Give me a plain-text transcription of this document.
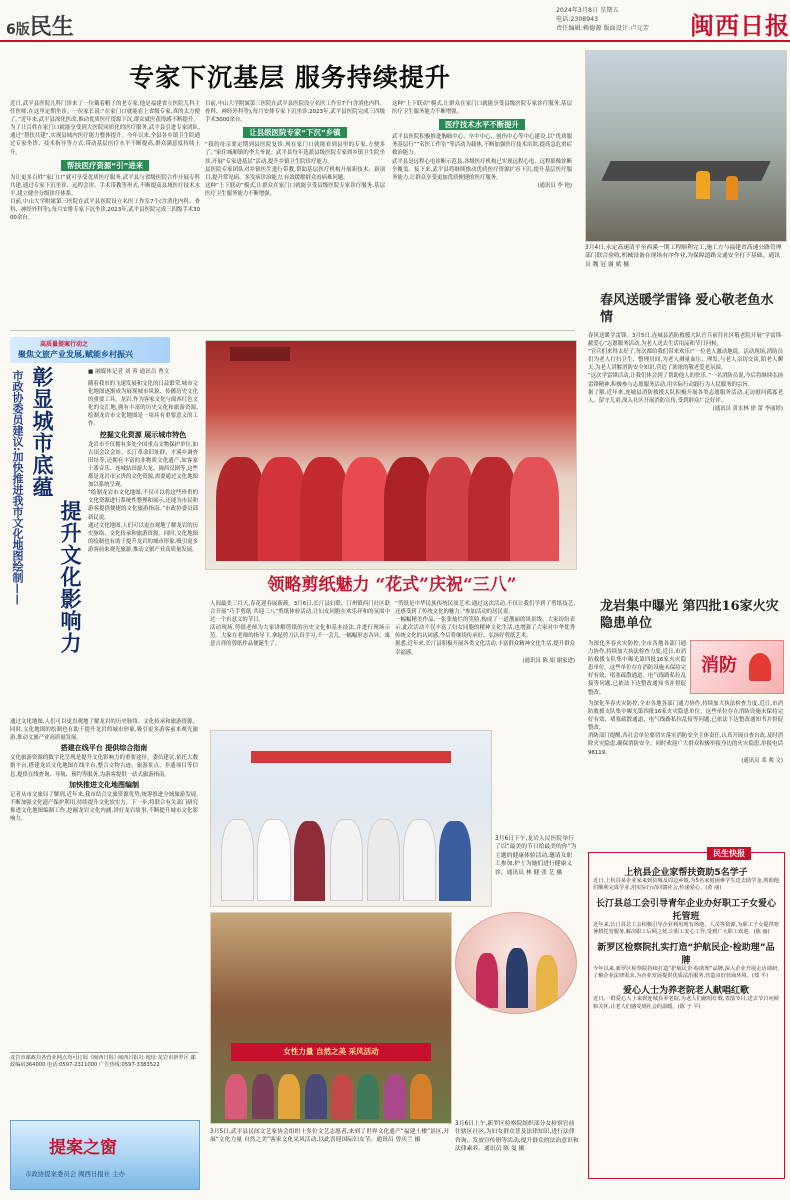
6版民生
2024年3月8日 星期五
电话:2308943
责任编辑:赖德源 版面设计:卢元芳 闽西日报
专家下沉基层 服务持续提升
近日,武平县医院儿科门诊来了一位戴着帽子的老专家,他是福建省立医院儿科主任医师,在这里定期坐诊。一位家长说:“在家门口就能看上省级专家,真的太方便了。”近年来,武平县深化医改,推动优质医疗资源下沉,群众就医获得感不断提升。
为了让百姓在家门口就能享受到大医院同质化的医疗服务,武平县引进专家团队,通过“帮扶共建”,实现县域内医疗能力整体提升。今年以来,全县各乡镇卫生院通过专家坐诊、技术指导等方式,带动基层医疗水平不断提高,群众满意度持续上升。
帮扶医疗资源“引”进来
为让更多百姓“家门口”就可享受优质医疗服务,武平县与省级医院合作开展专科共建,通过专家下沉坐诊、远程会诊、手术带教等形式,不断提高县域医疗技术水平,建立健全分级诊疗体系。
目前,中山大学附属第三医院在武平县医院设立名医工作室7个(含消化内科、骨科、神经外科等),每月安排专家下沉坐诊,2023年,武平县医院完成三四级手术3000余台。
目前,中山大学附属第三医院在武平县医院设立名医工作室7个(含消化内科、骨科、神经外科等),每月安排专家下沉坐诊,2023年,武平县医院完成三四级手术3000余台。
让县级医院专家“下沉”乡镇
“我的母亲要定期到县医院复诊,现在家门口就能看到县里的专家,方便多了。”家住城厢镇的李大爷说。武平县每年选派县级医院专家到乡镇卫生院坐诊,开展“专家进基层”活动,提升乡镇卫生院诊疗能力。
县医院专家团队对乡镇医生进行带教,帮助基层医疗机构开展新技术、新项目,提升常见病、多发病诊治能力,有效缓解群众看病难问题。
这种“上下联动”模式,让群众在家门口就能享受县级医院专家诊疗服务,基层医疗卫生服务能力不断增强。
这种“上下联动”模式,让群众在家门口就能享受县级医院专家诊疗服务,基层医疗卫生服务能力不断增强。
医疗技术水平不断提升
武平县医院积极推进胸痛中心、卒中中心、创伤中心等中心建设,以“优质服务基层行”“名医工作室”等活动为载体,不断加强医疗技术培训,提高急危重症救治能力。
武平县是远程心电诊断示范县,各级医疗机构已实现远程心电、远程影像诊断全覆盖。接下来,武平县将继续推动优质医疗资源扩容下沉,提升基层医疗服务能力,让群众享受更加优质便捷的医疗服务。
(通讯员 李 艳)
3月4日,永定高速清平至西溪一期工程顺利完工,施工方与福建省高速公路管理部门联合验收,机械设备在现场有序作业,为保障道路交通安全打下基础。通讯员 魏 冠 谢 斌 摄
春风送暖学雷锋 爱心敬老鱼水情
春风送暖学雷锋。3月5日,连城县消防救援大队官兵前往社区敬老院开展“学雷锋·献爱心”志愿服务活动,为老人送去生活用品和节日问候。
“官兵们来得太好了,每次都给我们带来欢乐!”一位老人激动地说。活动现场,消防员们为老人打扫卫生、整理房间,为老人测量血压、理发,与老人亲切交谈,陪老人聊天,为老人讲解消防安全知识,营造了浓浓的敬老爱老氛围。
“这次学雷锋活动,让我们体会到了帮助他人的快乐。”一名消防员说,今后将继续弘扬雷锋精神,积极参与志愿服务活动,用实际行动践行为人民服务的宗旨。
据了解,近年来,连城县消防救援大队积极开展各类志愿服务活动,走访慰问孤寡老人、留守儿童,深入社区开展消防宣传,受到群众广泛好评。
(通讯员 黄水林 徐 蕾 李丽婷)
龙岩集中曝光 第四批16家火灾隐患单位
消防
为深化冬春火灾防控,全市各地各部门通力协作,持续加大执法检查力度,近日,市消防救援支队集中曝光第四批16家火灾隐患单位。这些单位存在消防设施未保持完好有效、堵塞疏散通道、电气线路私拉乱接等问题,已依法下达整改通知书并督促整改。
为深化冬春火灾防控,全市各地各部门通力协作,持续加大执法检查力度,近日,市消防救援支队集中曝光第四批16家火灾隐患单位。这些单位存在消防设施未保持完好有效、堵塞疏散通道、电气线路私拉乱接等问题,已依法下达整改通知书并督促整改。
消防部门提醒,各社会单位要切实落实消防安全主体责任,认真开展自查自改,及时消除火灾隐患,确保消防安全。同时欢迎广大群众积极举报身边的火灾隐患,举报电话96119。
(通讯员 邓 观 文)
民生快报
上杭县企业家帮扶资助5名学子
近日,上杭县某企业家来到县城及周边乡镇,为5名家庭困难学生送去助学金,帮助他们顺利完成学业,用实际行动回馈社会,传递爱心。(黄 丽)
长汀县总工会引导青年企业办好职工子女爱心托管班
近年来,长汀县总工会积极引导企业利用现有场地、人员等资源,为职工子女提供寒暑假托管服务,解决职工后顾之忧,让职工安心工作,受到广大职工欢迎。(陈 丽)
新罗区检察院扎实打造“护航民企·检助理”品牌
今年以来,新罗区检察院持续打造“护航民企·检助理”品牌,深入企业开展走访调研,了解企业法律需求,为企业发展提供优质法治服务,营造良好营商环境。(郑 平)
爱心人士为养老院老人献唱红歌
近日,一群爱心人士来到连城县养老院,为老人们献唱红歌,表演节目,送去节日问候和关怀,让老人们感受到社会的温暖。(陈 子 平)
高质量提案行动之
聚焦文旅产业发展,赋能乡村振兴
市政协委员建议:加快推进我市文化地图绘制—— 彰显城市底蕴
提升文化影响力
■ 融媒体记者 刘 蓉 通讯员 曹文
随着我市的飞速发展和文化的日益繁荣,城市文化地图逐渐成为展现城市风貌、传播历史文化的重要工具。龙岩,作为客家文化与闽西红色文化的交汇地,拥有丰富的历史文化和旅游资源,绘制龙岩市文化地图是一项具有重要意义的工作。
挖掘文化资源 展示城市特色
龙岩市不仅拥有多处全国重点文物保护单位,如古田会议会址、长汀革命旧址群、才溪乡调查旧址等,还拥有丰富的非物质文化遗产,如客家十番音乐、连城姑田游大龙、闽西汉剧等,这些都是龙岩市宝贵的文化资源,需要通过文化地图加以系统呈现。
“绘制龙岩市文化地图,不仅可以将这些珍贵的文化资源进行系统性整理和展示,还能为市民和游客提供便捷的文化旅游指南。”市政协委员邱新民说。
通过文化地图,人们可以更直观地了解龙岩的历史脉络、文化传承和旅游资源。同时,文化地图的绘制也有助于提升龙岩的城市形象,吸引更多游客前来观光旅游,推动文旅产业高质量发展。
通过文化地图,人们可以更直观地了解龙岩的历史脉络、文化传承和旅游资源。同时,文化地图的绘制也有助于提升龙岩的城市形象,吸引更多游客前来观光旅游,推动文旅产业高质量发展。
搭建在线平台 提供综合指南
文化旅游资源的数字化呈现是提升文化影响力的重要途径。委员建议,依托大数据平台,搭建龙岩文化地图在线平台,整合文物古迹、旅游景点、非遗项目等信息,提供在线查询、导航、预约等服务,为游客提供一站式旅游指南。
加快推进文化地图编制
记者从市文旅局了解到,近年来,我市结合文旅资源优势,统筹推进全域旅游发展,不断加强文化遗产保护利用,持续提升文化软实力。下一步,将联合有关部门研究推进文化地图编制工作,挖掘龙岩文化内涵,讲好龙岩故事,不断提升城市文化影响力。
龙岩市邮政局各营业网点均可订阅《闽西日报》·闽西日报社 地址:龙岩市新罗区 邮政编码364000 电话:0597-2311000 广告热线:0597-3383522
提案之窗
市政协提案委员会 闽西日报社 主办
领略剪纸魅力 “花式”庆祝“三八”
人间最美三月天,春花迎春展新颜。3月6日,长汀县妇联、汀州镇西门社区联合开展“巧手剪纸 共迎三八”剪纸体验活动,让妇女同胞在欢乐祥和的氛围中过一个有意义的节日。
活动现场,剪纸老师为大家讲解剪纸的历史文化和基本技法,并进行现场示范。大家在老师的指导下,拿起剪刀认真学习,不一会儿,一幅幅形态各异、寓意吉祥的剪纸作品便诞生了。
“剪纸是中华民族传统民间艺术,通过这次活动,不仅让我们学到了剪纸技艺,还感受到了传统文化的魅力。”参加活动的居民说。
一幅幅精美作品,一张张灿烂的笑脸,构成了一道靓丽的风景线。大家纷纷表示,此次活动不仅丰富了妇女同胞的精神文化生活,也增强了大家对中华优秀传统文化的认同感,今后将继续传承好、弘扬好剪纸艺术。
据悉,近年来,长汀县积极开展各类文化活动,丰富群众精神文化生活,提升群众幸福感。
(通讯员 陈 娟 谢家进)
3月6日下午,龙岩人民医院举行了以“最美的节日给最美的你”为主题的健康体验活动,邀请女职工参加,护士为她们进行健康义诊。通讯员 林 健 张 艺 摄
女性力量 自然之美 采风活动
3月5日,武平县民间文艺家协会组织十多位文艺志愿者,来到了世界文化遗产“福建土楼”景区,开展“文化力量 自然之美”客家文化采风活动,以此喜迎国际妇女节。通讯员 曾庆兰 摄
3月6日上午,新罗区检察院组织部分女检察官前往辖区社区,为妇女群众普及法律知识,进行法律咨询、发放宣传册等活动,提升群众的法治意识和法律素养。通讯员 陈 曼 摄
